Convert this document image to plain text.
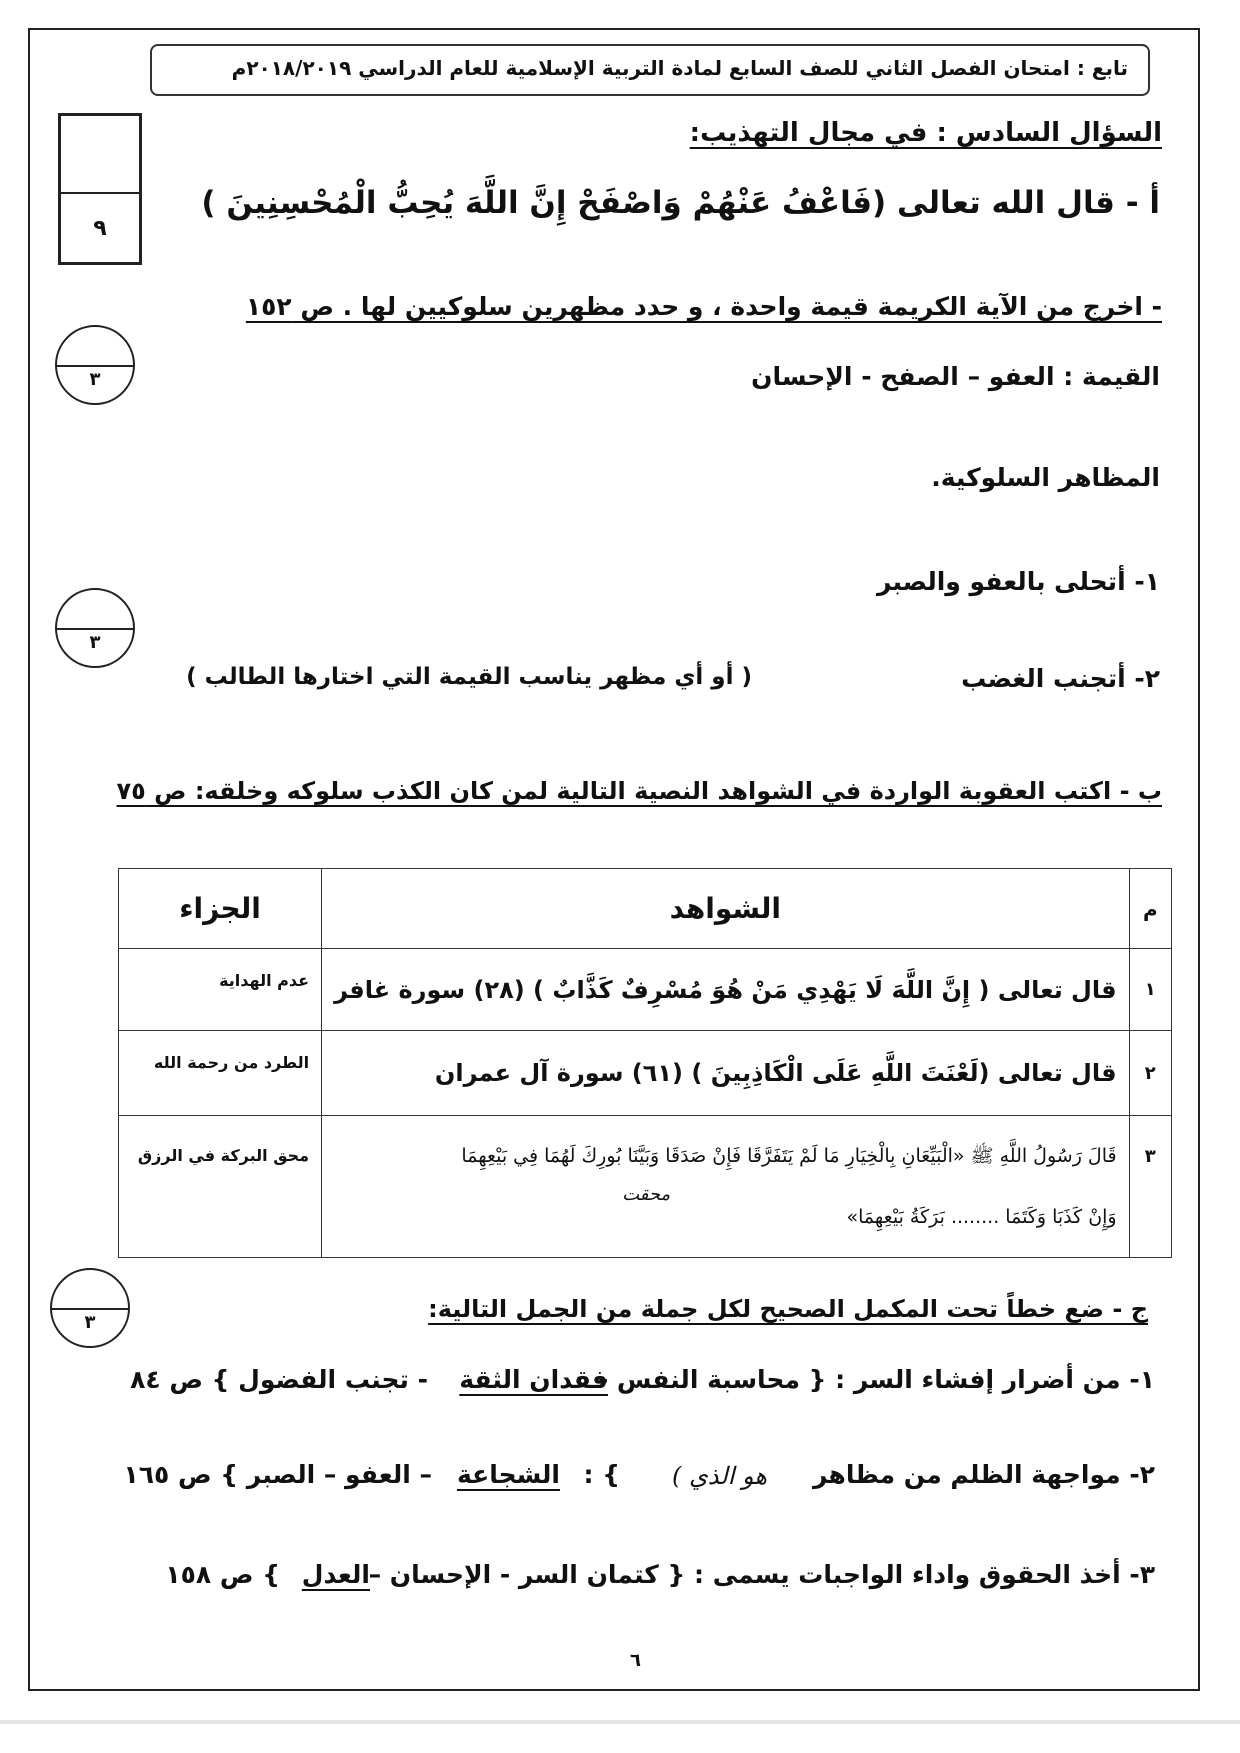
تابع : امتحان الفصل الثاني للصف السابع لمادة التربية الإسلامية للعام الدراسي ٢٠١٨/٢٠١٩م
٩
السؤال السادس : في مجال التهذيب:
أ - قال الله تعالى (فَاعْفُ عَنْهُمْ وَاصْفَحْ إِنَّ اللَّهَ يُحِبُّ الْمُحْسِنِينَ )
٣
- اخرج من الآية الكريمة قيمة واحدة ، و حدد مظهرين سلوكيين لها . ص ١٥٢
القيمة : العفو – الصفح - الإحسان
المظاهر السلوكية.
١- أتحلى بالعفو والصبر
٣
٢- أتجنب الغضب
( أو أي مظهر يناسب القيمة التي اختارها الطالب )
ب - اكتب العقوبة الواردة في الشواهد النصية التالية لمن كان الكذب سلوكه وخلقه: ص ٧٥
الجزاء	الشواهد	م
عدم الهداية	قال تعالى ( إِنَّ اللَّهَ لَا يَهْدِي مَنْ هُوَ مُسْرِفٌ كَذَّابٌ ) (٢٨) سورة غافر	١
الطرد من رحمة الله	قال تعالى (لَعْنَتَ اللَّهِ عَلَى الْكَاذِبِينَ ) (٦١) سورة آل عمران	٢
محق البركة في الرزق	قَالَ رَسُولُ اللَّهِ ﷺ «الْبَيِّعَانِ بِالْخِيَارِ مَا لَمْ يَتَفَرَّقَا فَإِنْ صَدَقَا وَبَيَّنَا بُورِكَ لَهُمَا فِي بَيْعِهِمَا
محقت
وَإِنْ كَذَبَا وَكَتَمَا ........ بَرَكَةُ بَيْعِهِمَا»	٣
٣	ج - ضع خطاً تحت المكمل الصحيح لكل جملة من الجمل التالية:
١- من أضرار إفشاء السر : { محاسبة النفس -
فقدان الثقة
- تجنب الفضول } ص ٨٤
٢- مواجهة الظلم من مظاهر
( هو الذي
: {
الشجاعة
– العفو – الصبر } ص ١٦٥
٣- أخذ الحقوق واداء الواجبات يسمى : { كتمان السر - الإحسان –
العدل
} ص ١٥٨
٦
